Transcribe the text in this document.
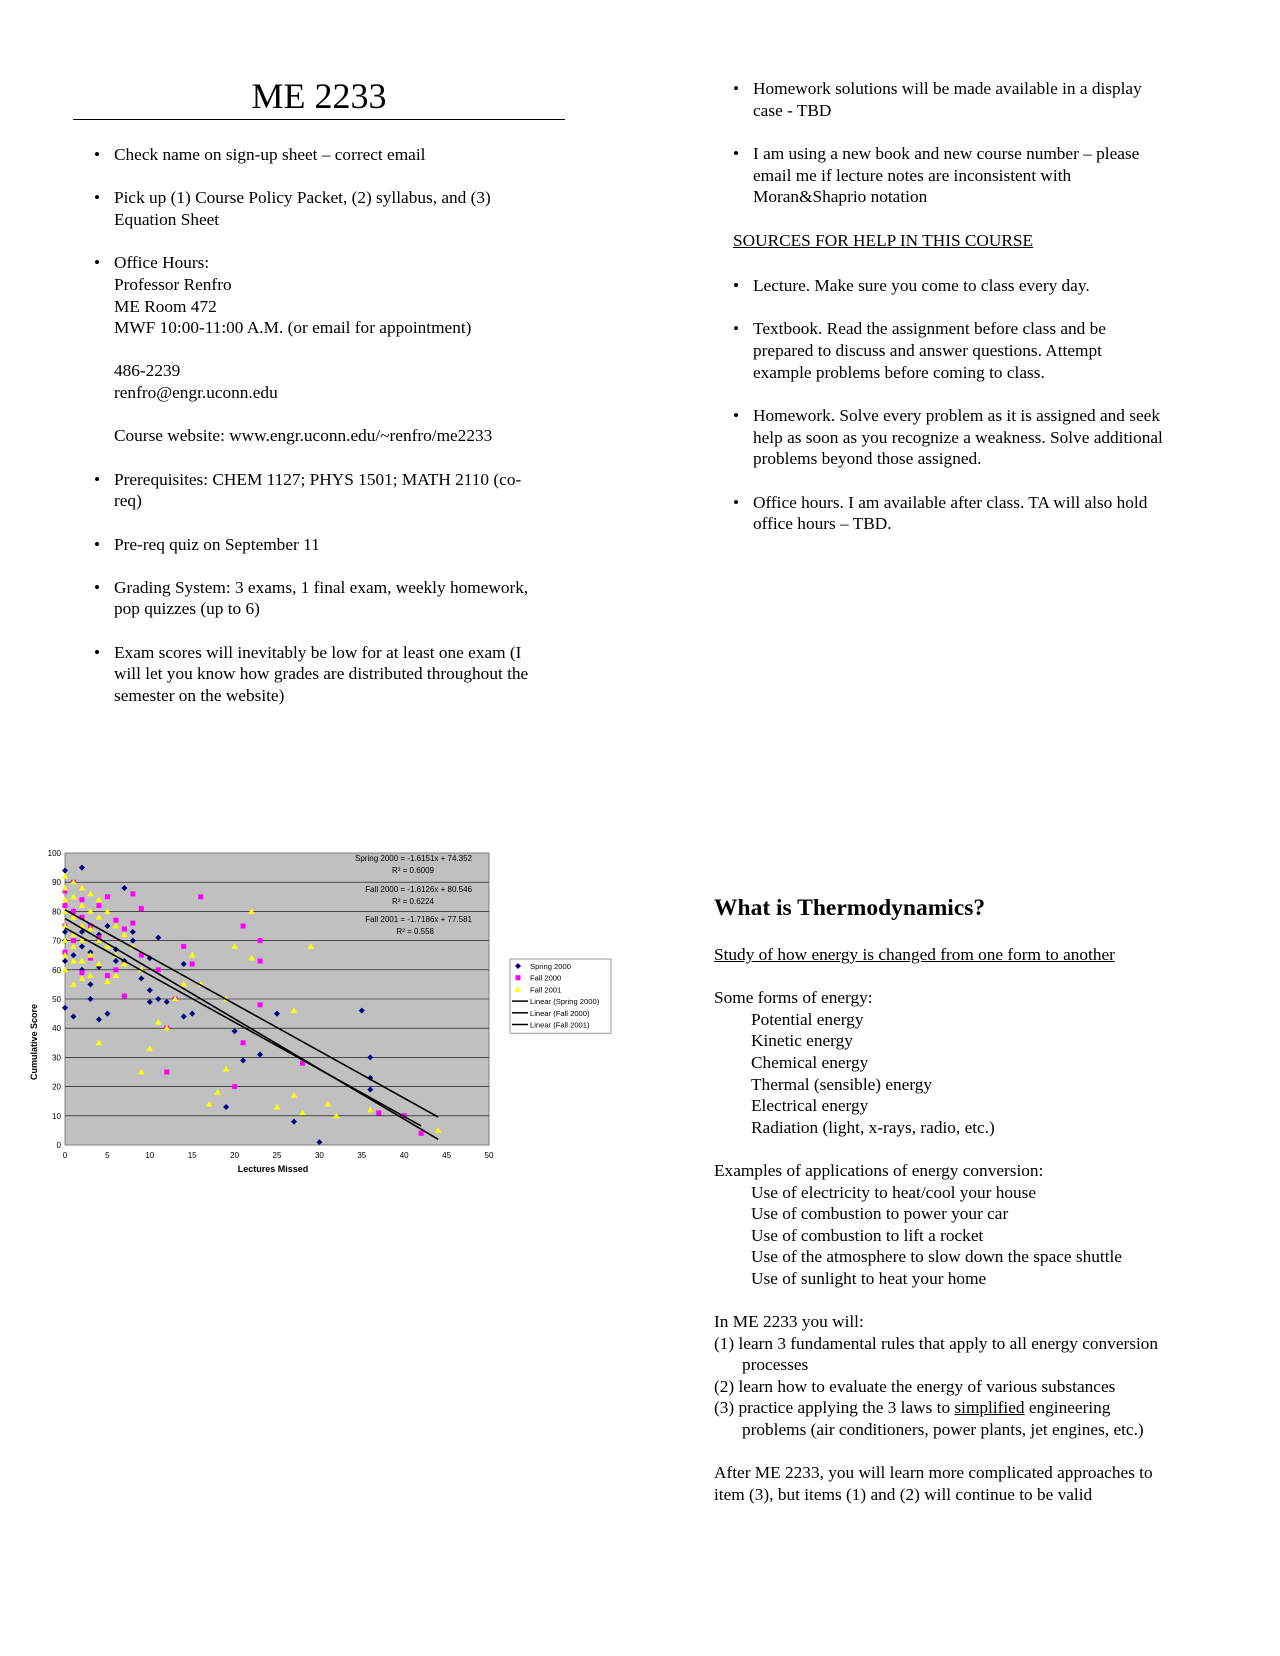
ME 2233
• Check name on sign-up sheet – correct email
• Pick up (1) Course Policy Packet, (2) syllabus, and (3)
Equation Sheet
• Office Hours:
Professor Renfro
ME Room 472
MWF 10:00-11:00 A.M. (or email for appointment)

486-2239
renfro@engr.uconn.edu

Course website: www.engr.uconn.edu/~renfro/me2233
• Prerequisites: CHEM 1127; PHYS 1501; MATH 2110 (co-
req)
• Pre-req quiz on September 11
• Grading System: 3 exams, 1 final exam, weekly homework,
pop quizzes (up to 6)
• Exam scores will inevitably be low for at least one exam (I
will let you know how grades are distributed throughout the
semester on the website)
• Homework solutions will be made available in a display
case - TBD
• I am using a new book and new course number – please
email me if lecture notes are inconsistent with
Moran&Shaprio notation
SOURCES FOR HELP IN THIS COURSE
• Lecture. Make sure you come to class every day.
• Textbook. Read the assignment before class and be
prepared to discuss and answer questions. Attempt
example problems before coming to class.
• Homework. Solve every problem as it is assigned and seek
help as soon as you recognize a weakness. Solve additional
problems beyond those assigned.
• Office hours. I am available after class. TA will also hold
office hours – TBD.
0
10
20
30
40
50
60
70
80
90
100
0	5	10	15	20	25	30	35	40	45	50
Lectures Missed
Cumulative Score
Spring 2000 = -1.6151x + 74.352
R² = 0.6009
Fall 2000 = -1.6126x + 80.546
R² = 0.6224
Fall 2001 = -1.7186x + 77.581
R² = 0.558
Spring 2000
Fall 2000
Fall 2001
Linear (Spring 2000)
Linear (Fall 2000)
Linear (Fall 2001)
What is Thermodynamics?

Study of how energy is changed from one form to another

Some forms of energy:

Potential energy

Kinetic energy

Chemical energy

Thermal (sensible) energy

Electrical energy

Radiation (light, x-rays, radio, etc.)

Examples of applications of energy conversion:

Use of electricity to heat/cool your house

Use of combustion to power your car

Use of combustion to lift a rocket

Use of the atmosphere to slow down the space shuttle

Use of sunlight to heat your home

In ME 2233 you will:

(1) learn 3 fundamental rules that apply to all energy conversion

processes

(2) learn how to evaluate the energy of various substances

(3) practice applying the 3 laws to simplified engineering

problems (air conditioners, power plants, jet engines, etc.)

After ME 2233, you will learn more complicated approaches to

item (3), but items (1) and (2) will continue to be valid
